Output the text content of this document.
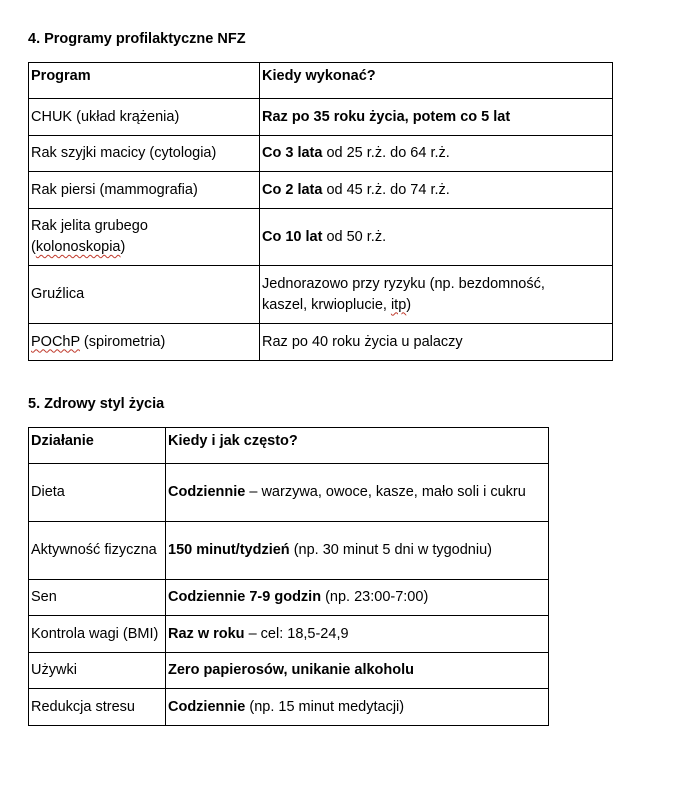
4. Programy profilaktyczne NFZ

Program	Kiedy wykonać?
CHUK (układ krążenia)	Raz po 35 roku życia, potem co 5 lat
Rak szyjki macicy (cytologia)	Co 3 lata od 25 r.ż. do 64 r.ż.
Rak piersi (mammografia)	Co 2 lata od 45 r.ż. do 74 r.ż.
Rak jelita grubego
(kolonoskopia)	Co 10 lat od 50 r.ż.
Gruźlica	Jednorazowo przy ryzyku (np. bezdomność,
kaszel, krwioplucie, itp)
POChP (spirometria)	Raz po 40 roku życia u palaczy

5. Zdrowy styl życia

Działanie	Kiedy i jak często?
Dieta	Codziennie – warzywa, owoce, kasze, mało soli i cukru
Aktywność fizyczna	150 minut/tydzień (np. 30 minut 5 dni w tygodniu)
Sen	Codziennie 7-9 godzin (np. 23:00-7:00)
Kontrola wagi (BMI)	Raz w roku – cel: 18,5-24,9
Używki	Zero papierosów, unikanie alkoholu
Redukcja stresu	Codziennie (np. 15 minut medytacji)
